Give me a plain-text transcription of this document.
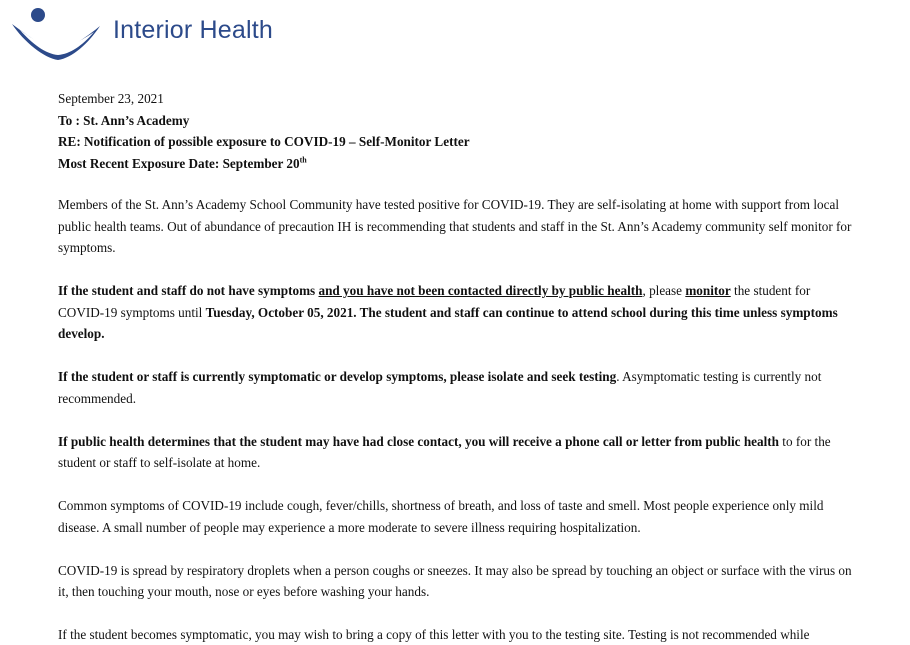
Interior Health
September 23, 2021
To : St. Ann’s Academy
RE: Notification of possible exposure to COVID-19 – Self-Monitor Letter
Most Recent Exposure Date: September 20th

Members of the St. Ann’s Academy School Community have tested positive for COVID-19. They are self-isolating at home with support from local public health teams. Out of abundance of precaution IH is recommending that students and staff in the St. Ann’s Academy community self monitor for symptoms.

If the student and staff do not have symptoms and you have not been contacted directly by public health, please monitor the student for COVID-19 symptoms until Tuesday, October 05, 2021. The student and staff can continue to attend school during this time unless symptoms develop.

If the student or staff is currently symptomatic or develop symptoms, please isolate and seek testing. Asymptomatic testing is currently not recommended.

If public health determines that the student may have had close contact, you will receive a phone call or letter from public health to for the student or staff to self-isolate at home.

Common symptoms of COVID-19 include cough, fever/chills, shortness of breath, and loss of taste and smell. Most people experience only mild disease. A small number of people may experience a more moderate to severe illness requiring hospitalization.

COVID-19 is spread by respiratory droplets when a person coughs or sneezes. It may also be spread by touching an object or surface with the virus on it, then touching your mouth, nose or eyes before washing your hands.

If the student becomes symptomatic, you may wish to bring a copy of this letter with you to the testing site. Testing is not recommended while
